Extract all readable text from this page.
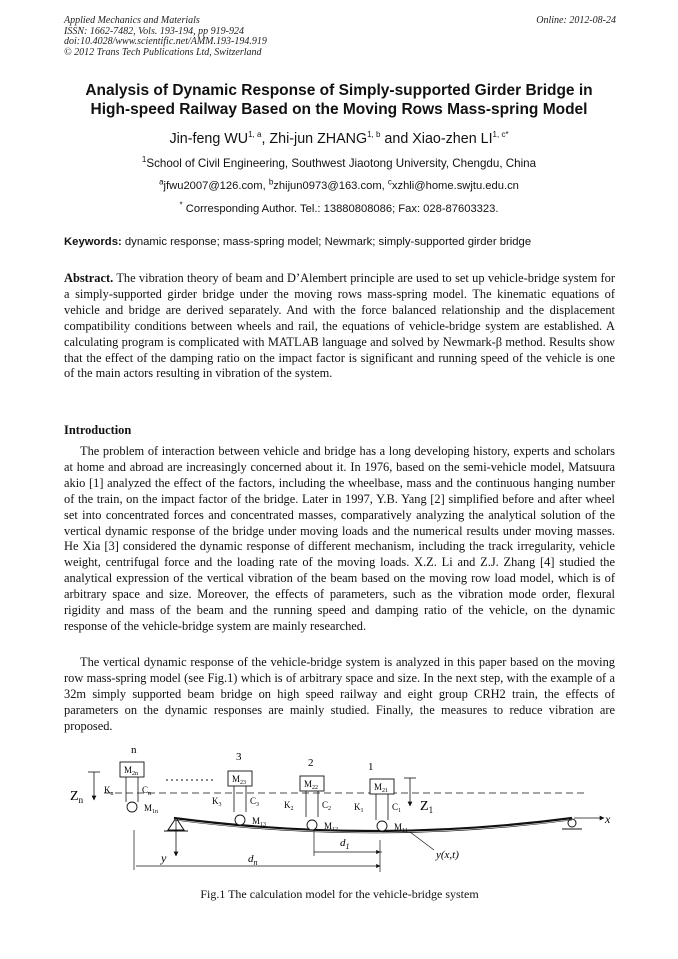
Applied Mechanics and Materials
ISSN: 1662-7482, Vols. 193-194, pp 919-924
doi:10.4028/www.scientific.net/AMM.193-194.919
© 2012 Trans Tech Publications Ltd, Switzerland
Online: 2012-08-24
Analysis of Dynamic Response of Simply-supported Girder Bridge in
High-speed Railway Based on the Moving Rows Mass-spring Model
Jin-feng WU$^{1, a}$, Zhi-jun ZHANG$^{1, b}$ and Xiao-zhen $LI^{1, c*}$
$^1$School of Civil Engineering, Southwest Jiaotong University, Chengdu, China
$^a$jfwu2007@126.com, $^b$zhijun0973@163.com, $^c$xzhli@home.swjtu.edu.cn
* Corresponding Author. Tel.: 13880808086; Fax: 028-87603323.
Keywords: dynamic response; mass-spring model; Newmark; simply-supported girder bridge
Abstract. The vibration theory of beam and D’Alembert principle are used to set up vehicle-bridge system for a simply-supported girder bridge under the moving rows mass-spring model. The kinematic equations of vehicle and bridge are derived separately. And with the force balanced relationship and the displacement compatibility conditions between wheels and rail, the equations of vehicle-bridge system are established. A calculating program is complicated with MATLAB language and solved by Newmark-β method. Results show that the effect of the damping ratio on the impact factor is significant and running speed of the vehicle is one of the main actors resulting in vibration of the system.
Introduction
The problem of interaction between vehicle and bridge has a long developing history, experts and scholars at home and abroad are increasingly concerned about it. In 1976, based on the semi-vehicle model, Matsuura akio [1] analyzed the effect of the factors, including the wheelbase, mass and the continuous hanging number of the train, on the impact factor of the bridge. Later in 1997, Y.B. Yang [2] simplified before and after wheel set into concentrated forces and concentrated masses, comparatively analyzing the analytical solution of the vertical dynamic response of the bridge under moving loads and the numerical results under moving masses. He Xia [3] considered the dynamic response of different mechanism, including the track irregularity, vehicle weight, centrifugal force and the loading rate of the moving loads. X.Z. Li and Z.J. Zhang [4] studied the analytical expression of the vertical vibration of the beam based on the moving row load model, which is of arbitrary space and size. Moreover, the effects of parameters, such as the vibration mode order, flexural rigidity and mass of the beam and the running speed and damping ratio of the vehicle, on the dynamic response of the vehicle-bridge system are mainly researched.
The vertical dynamic response of the vehicle-bridge system is analyzed in this paper based on the moving row mass-spring model (see Fig.1) which is of arbitrary space and size. In the next step, with the example of a 32m simply supported beam bridge on high speed railway and eight group CRH2 train, the effects of parameters on the dynamic responses are mainly studied. Finally, the measures to reduce vibration are proposed.
x
y	$d_n$
$d_1$
y(x,t)
n
$M_{2n}$
$K_n$	$C_n$
$M_{1n}$
$Z_n$
3
$M_{23}$
$K_3$	$C_3$
$M_{13}$
2
$M_{22}$
$K_2$	$C_2$
$M_{12}$
1
$M_{21}$
$K_1$	$C_1$
$M_{11}$
$Z_1$
Fig.1 The calculation model for the vehicle-bridge system
